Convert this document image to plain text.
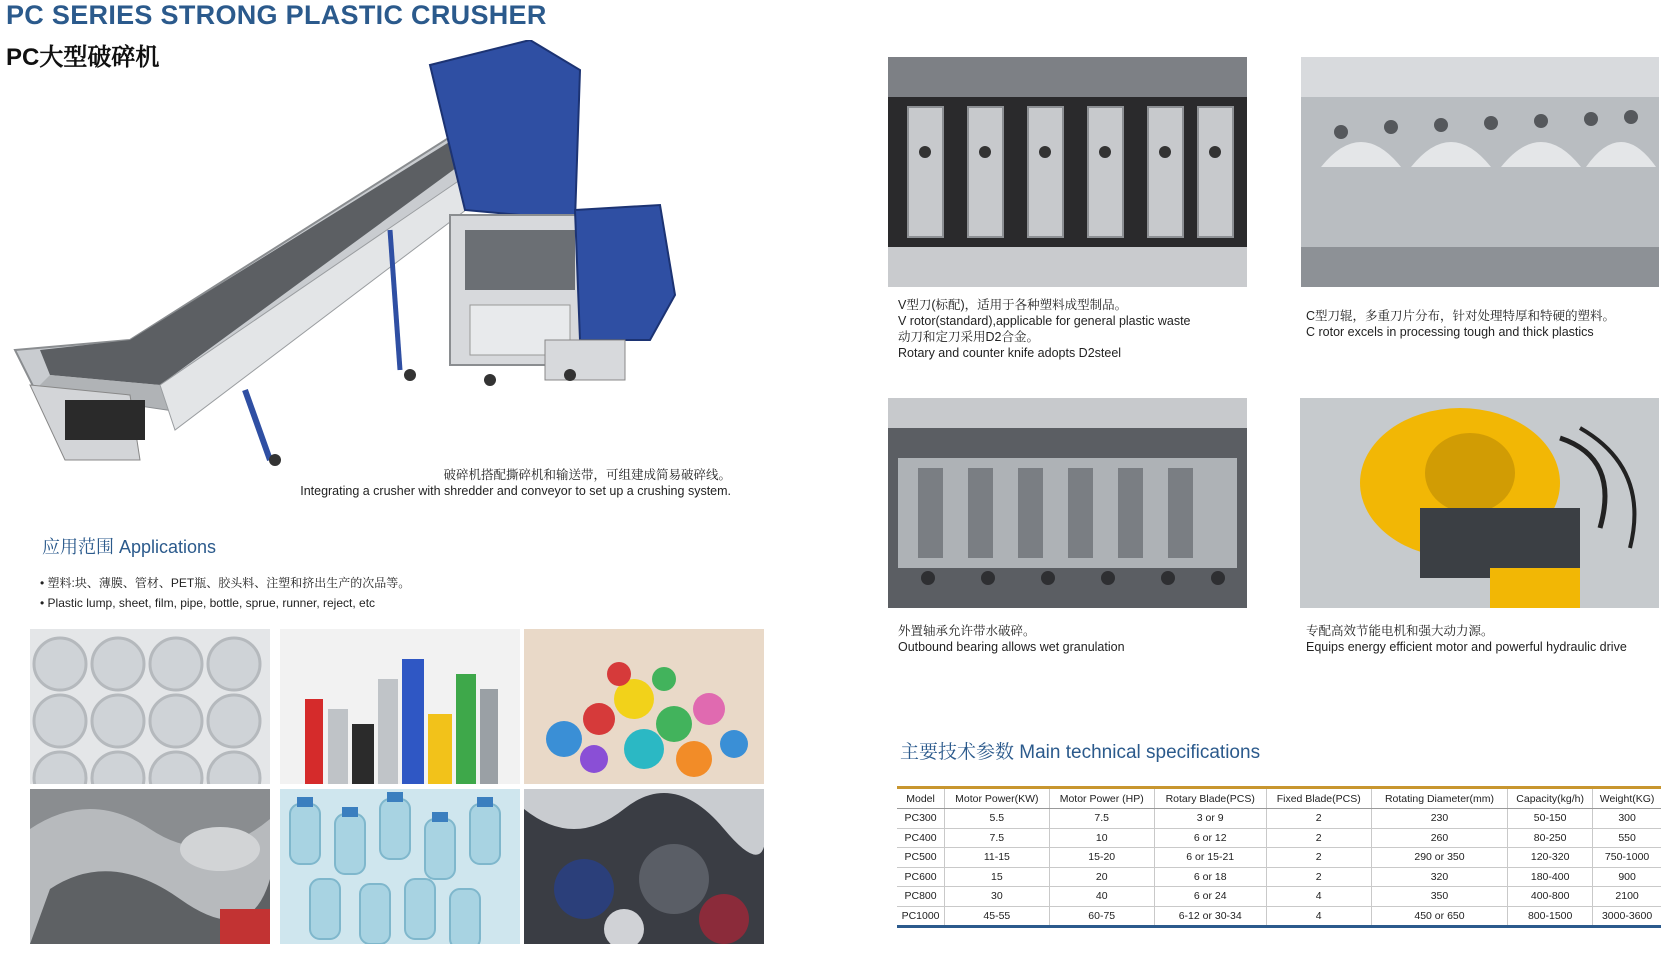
PC SERIES STRONG PLASTIC CRUSHER
PC大型破碎机
破碎机搭配撕碎机和输送带，可组建成简易破碎线。
Integrating a crusher with shredder and conveyor to set up a crushing system.
应用范围 Applications
• 塑料:块、薄膜、管材、PET瓶、胶头料、注塑和挤出生产的次品等。
• Plastic lump, sheet, film, pipe, bottle, sprue, runner, reject, etc
V型刀(标配)，适用于各种塑料成型制品。
V rotor(standard),applicable for general plastic waste
动刀和定刀采用D2合金。
Rotary and counter knife adopts D2steel
C型刀辊，多重刀片分布，针对处理特厚和特硬的塑料。
C rotor excels in processing tough and thick plastics
外置轴承允许带水破碎。
Outbound bearing allows wet granulation
专配高效节能电机和强大动力源。
Equips energy efficient motor and powerful hydraulic drive
主要技术参数 Main technical specifications
Model	Motor Power(KW)	Motor Power (HP)	Rotary Blade(PCS)	Fixed Blade(PCS)	Rotating Diameter(mm)	Capacity(kg/h)	Weight(KG)
PC300	5.5	7.5	3 or 9	2	230	50-150	300
PC400	7.5	10	6 or 12	2	260	80-250	550
PC500	11-15	15-20	6 or 15-21	2	290 or 350	120-320	750-1000
PC600	15	20	6 or 18	2	320	180-400	900
PC800	30	40	6 or 24	4	350	400-800	2100
PC1000	45-55	60-75	6-12 or 30-34	4	450 or 650	800-1500	3000-3600
